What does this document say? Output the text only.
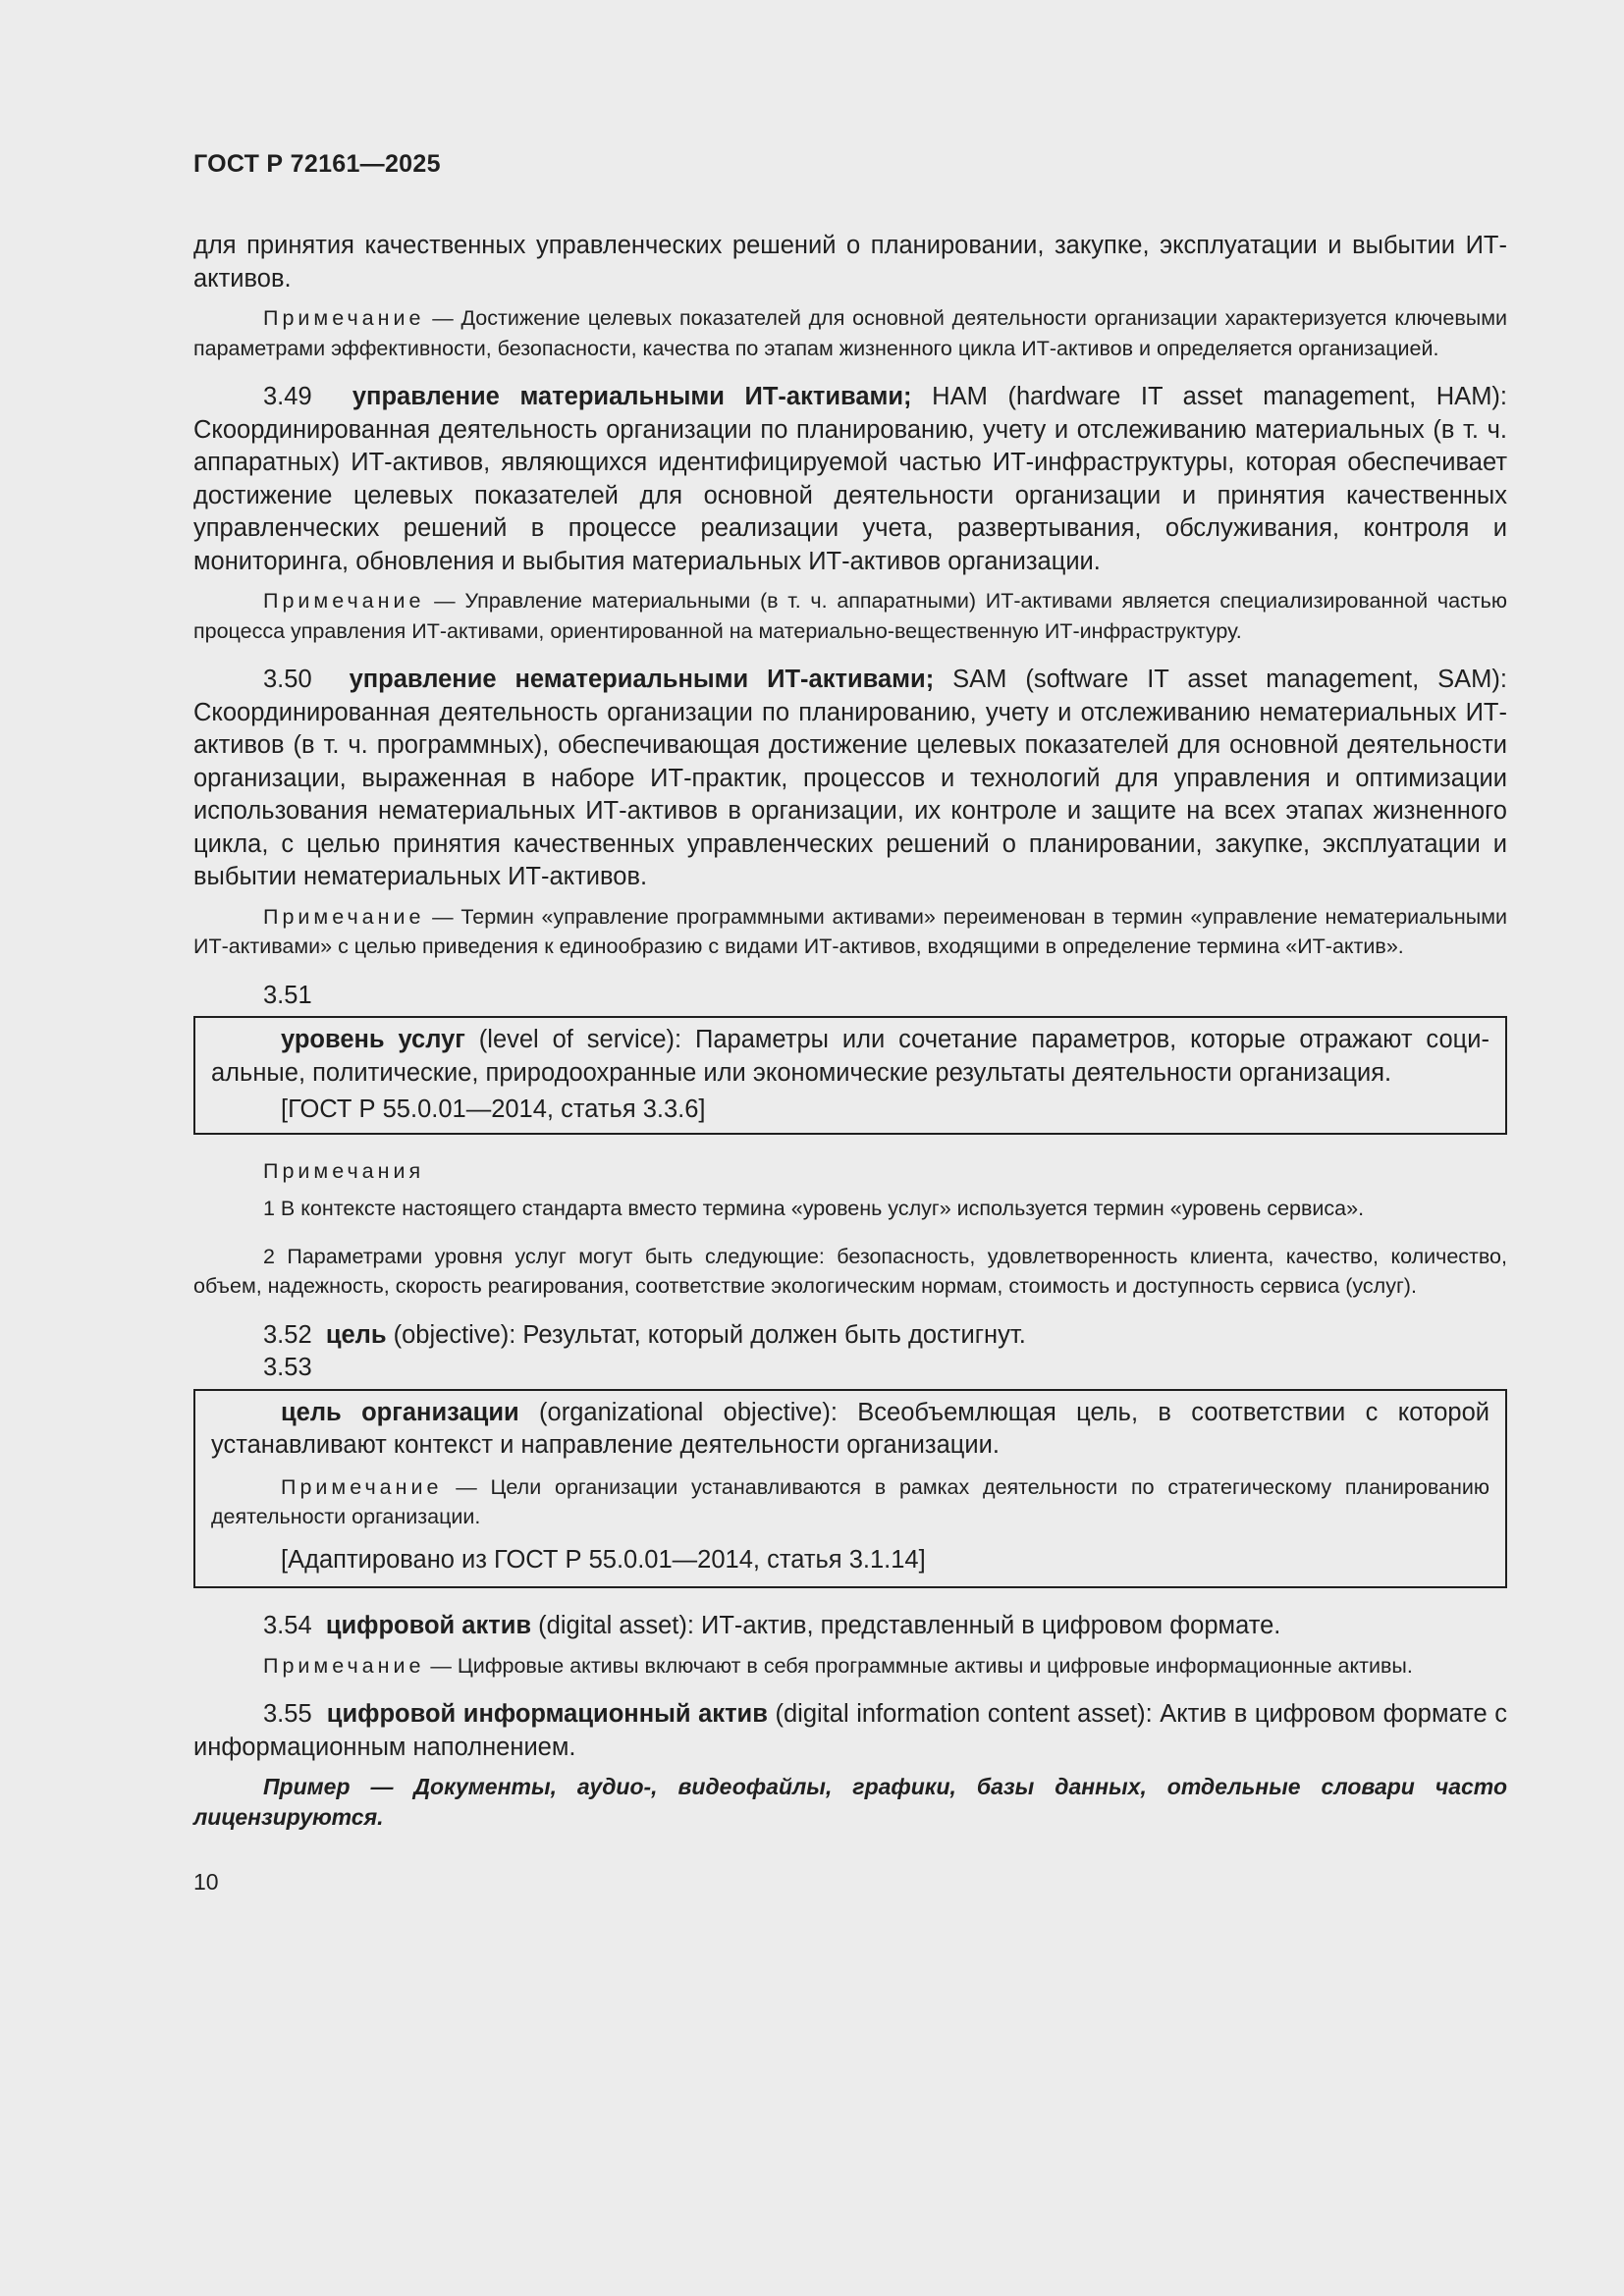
ГОСТ Р 72161—2025

для принятия качественных управленческих решений о планировании, закупке, эксплуатации и выбытии ИТ-активов.

Примечание — Достижение целевых показателей для основной деятельности организации характеризуется ключевыми параметрами эффективности, безопасности, качества по этапам жизненного цикла ИТ-активов и определяется организацией.

3.49 управление материальными ИТ-активами; HAM (hardware IT asset management, HAM): Скоординированная деятельность организации по планированию, учету и отслеживанию материальных (в т. ч. аппаратных) ИТ-активов, являющихся идентифицируемой частью ИТ-инфраструктуры, которая обеспечивает достижение целевых показателей для основной деятельности организации и принятия качественных управленческих решений в процессе реализации учета, развертывания, обслуживания, контроля и мониторинга, обновления и выбытия материальных ИТ-активов организации.

Примечание — Управление материальными (в т. ч. аппаратными) ИТ-активами является специализированной частью процесса управления ИТ-активами, ориентированной на материально-вещественную ИТ-инфраструктуру.

3.50 управление нематериальными ИТ-активами; SAM (software IT asset management, SAM): Скоординированная деятельность организации по планированию, учету и отслеживанию нематериальных ИТ-активов (в т. ч. программных), обеспечивающая достижение целевых показателей для основной деятельности организации, выраженная в наборе ИТ-практик, процессов и технологий для управления и оптимизации использования нематериальных ИТ-активов в организации, их контроле и защите на всех этапах жизненного цикла, с целью принятия качественных управленческих решений о планировании, закупке, эксплуатации и выбытии нематериальных ИТ-активов.

Примечание — Термин «управление программными активами» переименован в термин «управление нематериальными ИТ-активами» с целью приведения к единообразию с видами ИТ-активов, входящими в определение термина «ИТ-актив».

3.51

уровень услуг (level of service): Параметры или сочетание параметров, которые отражают социальные, политические, природоохранные или экономические результаты деятельности организация.

[ГОСТ Р 55.0.01—2014, статья 3.3.6]

Примечания

1 В контексте настоящего стандарта вместо термина «уровень услуг» используется термин «уровень сервиса».

2 Параметрами уровня услуг могут быть следующие: безопасность, удовлетворенность клиента, качество, количество, объем, надежность, скорость реагирования, соответствие экологическим нормам, стоимость и доступность сервиса (услуг).

3.52 цель (objective): Результат, который должен быть достигнут.

3.53

цель организации (organizational objective): Всеобъемлющая цель, в соответствии с которой устанавливают контекст и направление деятельности организации.

Примечание — Цели организации устанавливаются в рамках деятельности по стратегическому планированию деятельности организации.

[Адаптировано из ГОСТ Р 55.0.01—2014, статья 3.1.14]

3.54 цифровой актив (digital asset): ИТ-актив, представленный в цифровом формате.

Примечание — Цифровые активы включают в себя программные активы и цифровые информационные активы.

3.55 цифровой информационный актив (digital information content asset): Актив в цифровом формате с информационным наполнением.

Пример — Документы, аудио-, видеофайлы, графики, базы данных, отдельные словари часто лицензируются.

10
